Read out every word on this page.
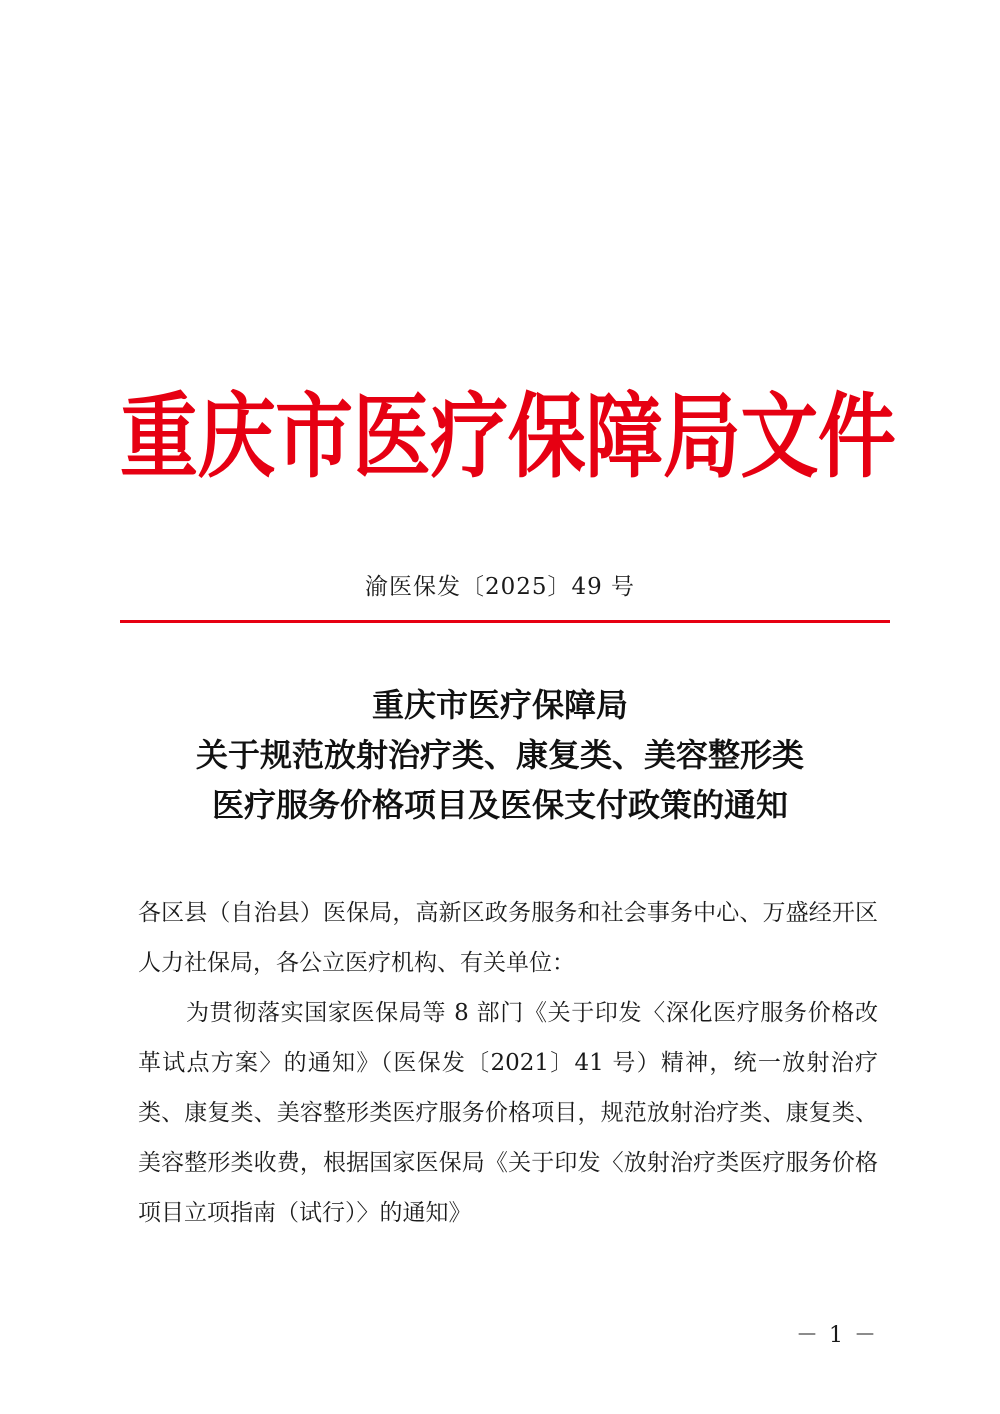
重 庆 市 医 疗 保 障 局 文 件
渝医保发〔2025〕49 号
重庆市医疗保障局
关于规范放射治疗类、康复类、美容整形类
医疗服务价格项目及医保支付政策的通知

各区县（自治县）医保局，高新区政务服务和社会事务中心、万盛经开区人力社保局，各公立医疗机构、有关单位：

为贯彻落实国家医保局等 8 部门《关于印发〈深化医疗服务价格改革试点方案〉的通知》（医保发〔2021〕41 号）精神，统一放射治疗类、康复类、美容整形类医疗服务价格项目，规范放射治疗类、康复类、美容整形类收费，根据国家医保局《关于印发〈放射治疗类医疗服务价格项目立项指南（试行）〉的通知》

－ 1 －
